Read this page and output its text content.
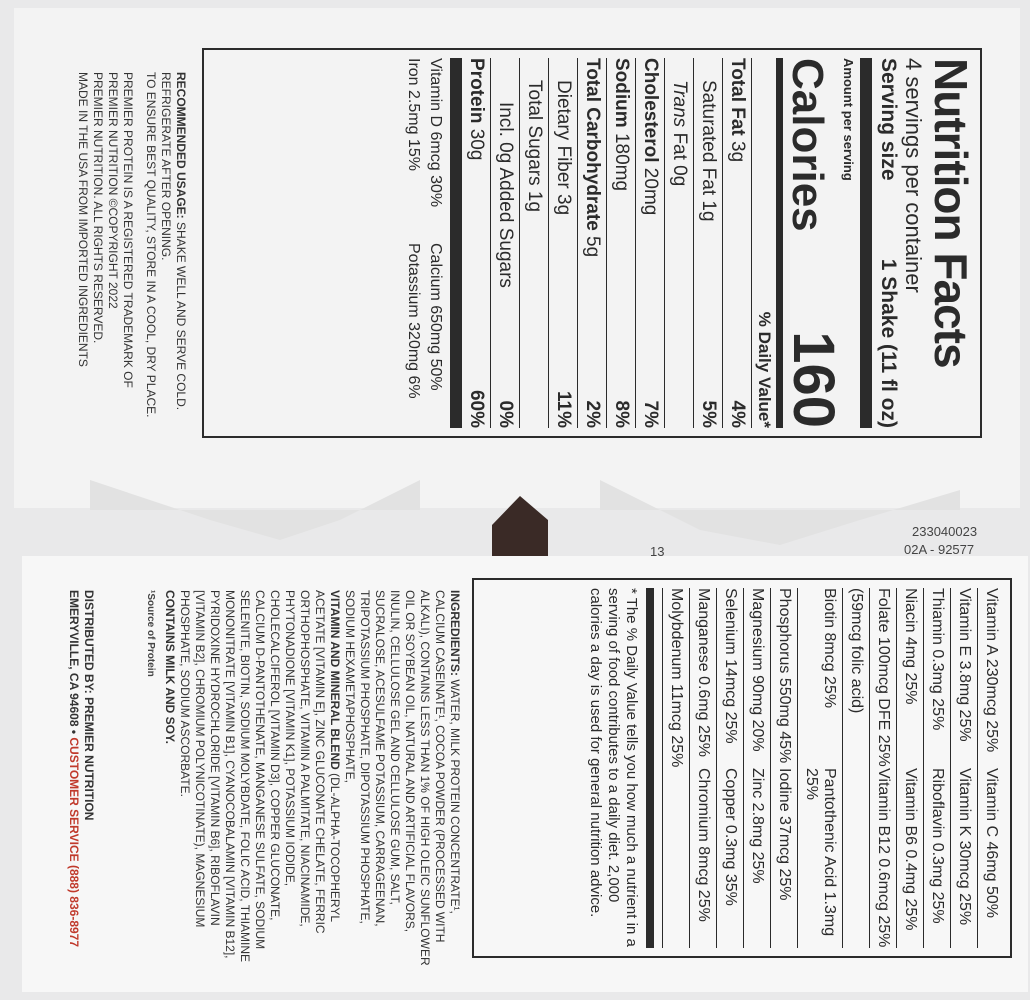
233040023
02A - 92577
13
Nutrition Facts
4 servings per container
Serving size
1 Shake (11 fl oz)
Amount per serving
Calories
160
% Daily Value*
Total Fat 3g
4%
Saturated Fat 1g
5%
Trans Fat 0g
Cholesterol 20mg
7%
Sodium 180mg
8%
Total Carbohydrate 5g
2%
Dietary Fiber 3g
11%
Total Sugars 1g
Incl. 0g Added Sugars
0%
Protein 30g
60%
Vitamin D 6mcg 30%
Calcium 650mg 50%
Iron 2.5mg 15%
Potassium 320mg 6%
RECOMMENDED USAGE: SHAKE WELL AND SERVE COLD.
REFRIGERATE AFTER OPENING.
TO ENSURE BEST QUALITY, STORE IN A COOL, DRY PLACE.
PREMIER PROTEIN IS A REGISTERED TRADEMARK OF
PREMIER NUTRITION ©COPYRIGHT 2022
PREMIER NUTRITION. ALL RIGHTS RESERVED.
MADE IN THE USA FROM IMPORTED INGREDIENTS
Vitamin A 230mcg 25%
Vitamin C 46mg 50%
Vitamin E 3.8mg 25%
Vitamin K 30mcg 25%
Thiamin 0.3mg 25%
Riboflavin 0.3mg 25%
Niacin 4mg 25%
Vitamin B6 0.4mg 25%
Folate 100mcg DFE 25%
Vitamin B12 0.6mcg 25%
(59mcg folic acid)
Biotin 8mcg 25%
Pantothenic Acid 1.3mg 25%
Phosphorus 550mg 45%
Iodine 37mcg 25%
Magnesium 90mg 20%
Zinc 2.8mg 25%
Selenium 14mcg 25%
Copper 0.3mg 35%
Manganese 0.6mg 25%
Chromium 8mcg 25%
Molybdenum 11mcg 25%
* The % Daily Value tells you how much a nutrient in a serving of food contributes to a daily diet. 2,000 calories a day is used for general nutrition advice.
INGREDIENTS: WATER, MILK PROTEIN CONCENTRATE¹, CALCIUM CASEINATE¹, COCOA POWDER (PROCESSED WITH ALKALI), CONTAINS LESS THAN 1% OF HIGH OLEIC SUNFLOWER OIL OR SOYBEAN OIL, NATURAL AND ARTIFICIAL FLAVORS, INULIN, CELLULOSE GEL AND CELLULOSE GUM, SALT, SUCRALOSE, ACESULFAME POTASSIUM, CARRAGEENAN, TRIPOTASSIUM PHOSPHATE, DIPOTASSIUM PHOSPHATE, SODIUM HEXAMETAPHOSPHATE,
VITAMIN AND MINERAL BLEND (DL-ALPHA-TOCOPHERYL ACETATE [VITAMIN E], ZINC GLUCONATE CHELATE, FERRIC ORTHOPHOSPHATE, VITAMIN A PALMITATE, NIACINAMIDE, PHYTONADIONE [VITAMIN K1], POTASSIUM IODIDE, CHOLECALCIFEROL [VITAMIN D3], COPPER GLUCONATE, CALCIUM D-PANTOTHENATE, MANGANESE SULFATE, SODIUM SELENITE, BIOTIN, SODIUM MOLYBDATE, FOLIC ACID, THIAMINE MONONITRATE [VITAMIN B1], CYANOCOBALAMIN [VITAMIN B12], PYRIDOXINE HYDROCHLORIDE [VITAMIN B6], RIBOFLAVIN [VITAMIN B2], CHROMIUM POLYNICOTINATE), MAGNESIUM PHOSPHATE, SODIUM ASCORBATE.
CONTAINS MILK AND SOY.
¹Source of Protein
DISTRIBUTED BY: PREMIER NUTRITION
EMERYVILLE, CA 94608 • CUSTOMER SERVICE (888) 836-8977
